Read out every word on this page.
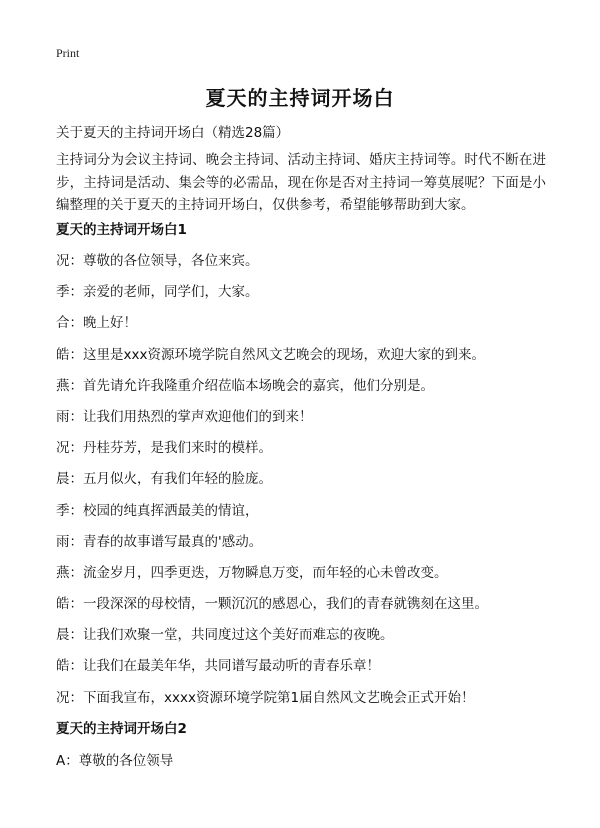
Print
夏天的主持词开场白
关于夏天的主持词开场白（精选28篇）
主持词分为会议主持词、晚会主持词、活动主持词、婚庆主持词等。时代不断在进步，主持词是活动、集会等的必需品，现在你是否对主持词一筹莫展呢？下面是小编整理的关于夏天的主持词开场白，仅供参考，希望能够帮助到大家。
夏天的主持词开场白1
况：尊敬的各位领导，各位来宾。
季：亲爱的老师，同学们，大家。
合：晚上好！
皓：这里是xxx资源环境学院自然风文艺晚会的现场，欢迎大家的到来。
燕：首先请允许我隆重介绍莅临本场晚会的嘉宾，他们分别是。
雨：让我们用热烈的掌声欢迎他们的到来！
况：丹桂芬芳，是我们来时的模样。
晨：五月似火，有我们年轻的脸庞。
季：校园的纯真挥洒最美的情谊，
雨：青春的故事谱写最真的'感动。
燕：流金岁月，四季更迭，万物瞬息万变，而年轻的心未曾改变。
皓：一段深深的母校情，一颗沉沉的感恩心，我们的青春就镌刻在这里。
晨：让我们欢聚一堂，共同度过这个美好而难忘的夜晚。
皓：让我们在最美年华，共同谱写最动听的青春乐章！
况：下面我宣布，xxxx资源环境学院第1届自然风文艺晚会正式开始！
夏天的主持词开场白2
A：尊敬的各位领导
